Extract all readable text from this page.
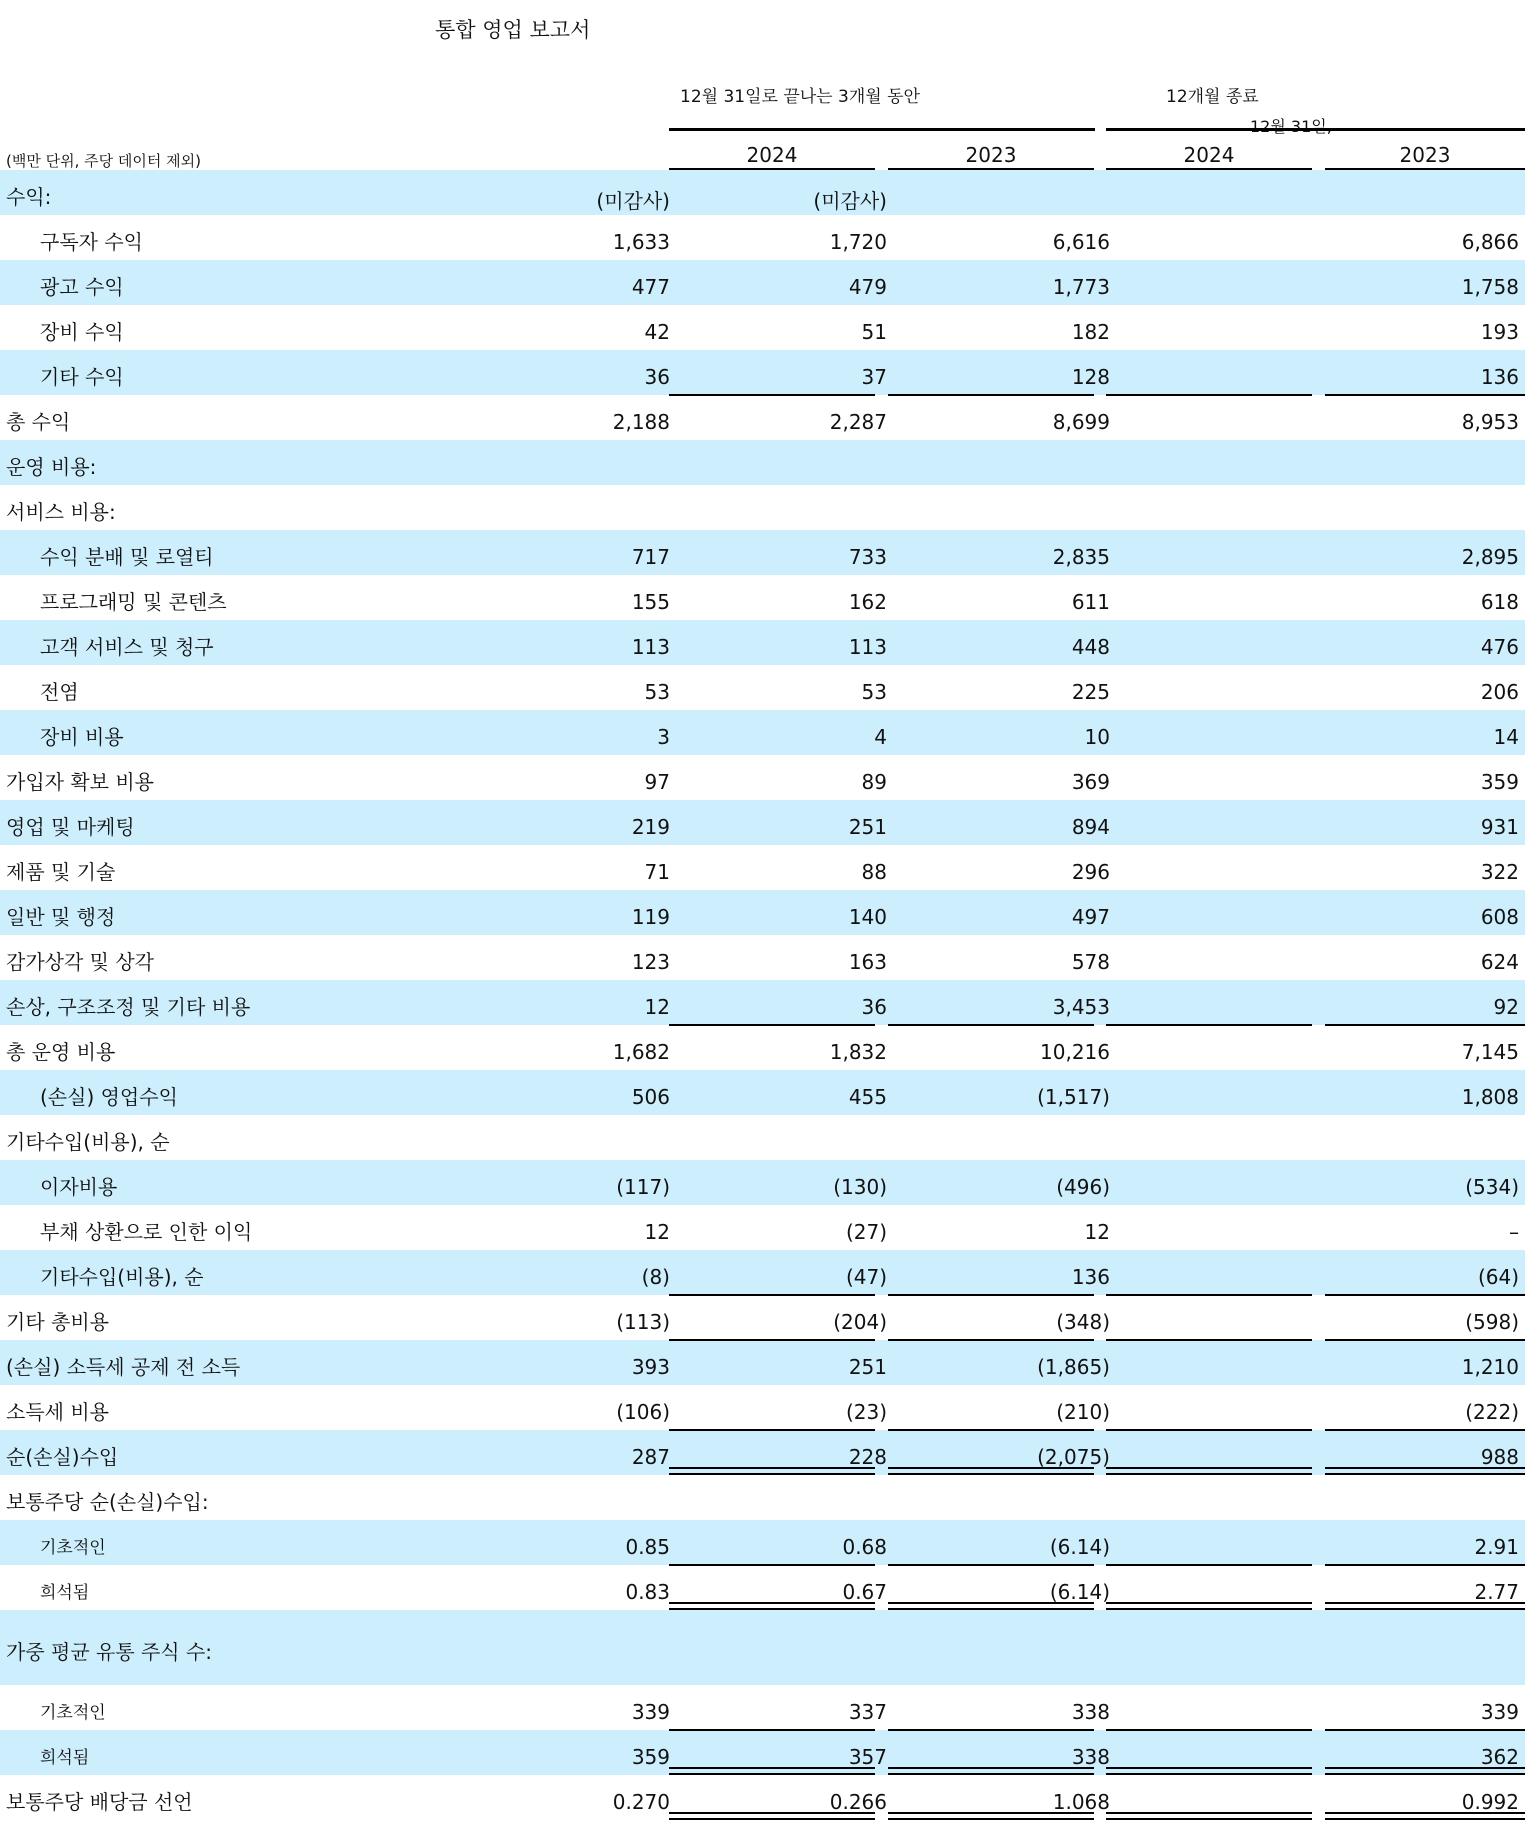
통합 영업 보고서
12월 31일로 끝나는 3개월 동안	12개월 종료
12월 31일,
(백만 단위, 주당 데이터 제외)	2024	2023	2024	2023
수익:	(미감사)	(미감사)
구독자 수익	1,633	1,720	6,616	6,866
광고 수익	477	479	1,773	1,758
장비 수익	42	51	182	193
기타 수익	36	37	128	136
총 수익	2,188	2,287	8,699	8,953
운영 비용:
서비스 비용:
수익 분배 및 로열티	717	733	2,835	2,895
프로그래밍 및 콘텐츠	155	162	611	618
고객 서비스 및 청구	113	113	448	476
전염	53	53	225	206
장비 비용	3	4	10	14
가입자 확보 비용	97	89	369	359
영업 및 마케팅	219	251	894	931
제품 및 기술	71	88	296	322
일반 및 행정	119	140	497	608
감가상각 및 상각	123	163	578	624
손상, 구조조정 및 기타 비용	12	36	3,453	92
총 운영 비용	1,682	1,832	10,216	7,145
(손실) 영업수익	506	455	(1,517)	1,808
기타수입(비용), 순
이자비용	(117)	(130)	(496)	(534)
부채 상환으로 인한 이익	12	(27)	12	–
기타수입(비용), 순	(8)	(47)	136	(64)
기타 총비용	(113)	(204)	(348)	(598)
(손실) 소득세 공제 전 소득	393	251	(1,865)	1,210
소득세 비용	(106)	(23)	(210)	(222)
순(손실)수입	287	228	(2,075)	988
보통주당 순(손실)수입:
기초적인	0.85	0.68	(6.14)	2.91
희석됨	0.83	0.67	(6.14)	2.77
가중 평균 유통 주식 수:
기초적인	339	337	338	339
희석됨	359	357	338	362
보통주당 배당금 선언	0.270	0.266	1.068	0.992
